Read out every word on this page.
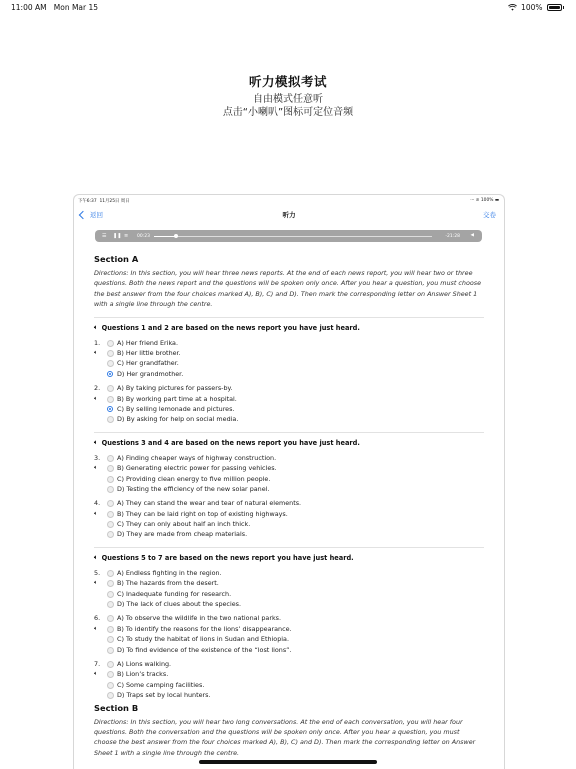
11:00 AM Mon Mar 15	100%
听力模拟考试
自由模式任意听
点击“小喇叭”图标可定位音频
下午6:37 11月25日 周日	··· ≋ 100% ▬
返回	听力	交卷
☰ ❚❚ ≡ 00:23	-21:28 ◀
Section A
Directions: In this section, you will hear three news reports. At the end of each news report, you will hear two or three questions. Both the news report and the questions will be spoken only once. After you hear a question, you must choose the best answer from the four choices marked A), B), C) and D). Then mark the corresponding letter on Answer Sheet 1 with a single line through the centre.
🔈︎ Questions 1 and 2 are based on the news report you have just heard.
1.	A) Her friend Erika.
🔈︎	B) Her little brother.
C) Her grandfather.
D) Her grandmother.
2.	A) By taking pictures for passers-by.
🔈︎	B) By working part time at a hospital.
C) By selling lemonade and pictures.
D) By asking for help on social media.
🔈︎ Questions 3 and 4 are based on the news report you have just heard.
3.	A) Finding cheaper ways of highway construction.
🔈︎	B) Generating electric power for passing vehicles.
C) Providing clean energy to five million people.
D) Testing the efficiency of the new solar panel.
4.	A) They can stand the wear and tear of natural elements.
🔈︎	B) They can be laid right on top of existing highways.
C) They can only about half an inch thick.
D) They are made from cheap materials.
🔈︎ Questions 5 to 7 are based on the news report you have just heard.
5.	A) Endless fighting in the region.
🔈︎	B) The hazards from the desert.
C) Inadequate funding for research.
D) The lack of clues about the species.
6.	A) To observe the wildlife in the two national parks.
🔈︎	B) To identify the reasons for the lions’ disappearance.
C) To study the habitat of lions in Sudan and Ethiopia.
D) To find evidence of the existence of the “lost lions”.
7.	A) Lions walking.
🔈︎	B) Lion’s tracks.
C) Some camping facilities.
D) Traps set by local hunters.
Section B
Directions: In this section, you will hear two long conversations. At the end of each conversation, you will hear four questions. Both the conversation and the questions will be spoken only once. After you hear a question, you must choose the best answer from the four choices marked A), B), C) and D). Then mark the corresponding letter on Answer Sheet 1 with a single line through the centre.
